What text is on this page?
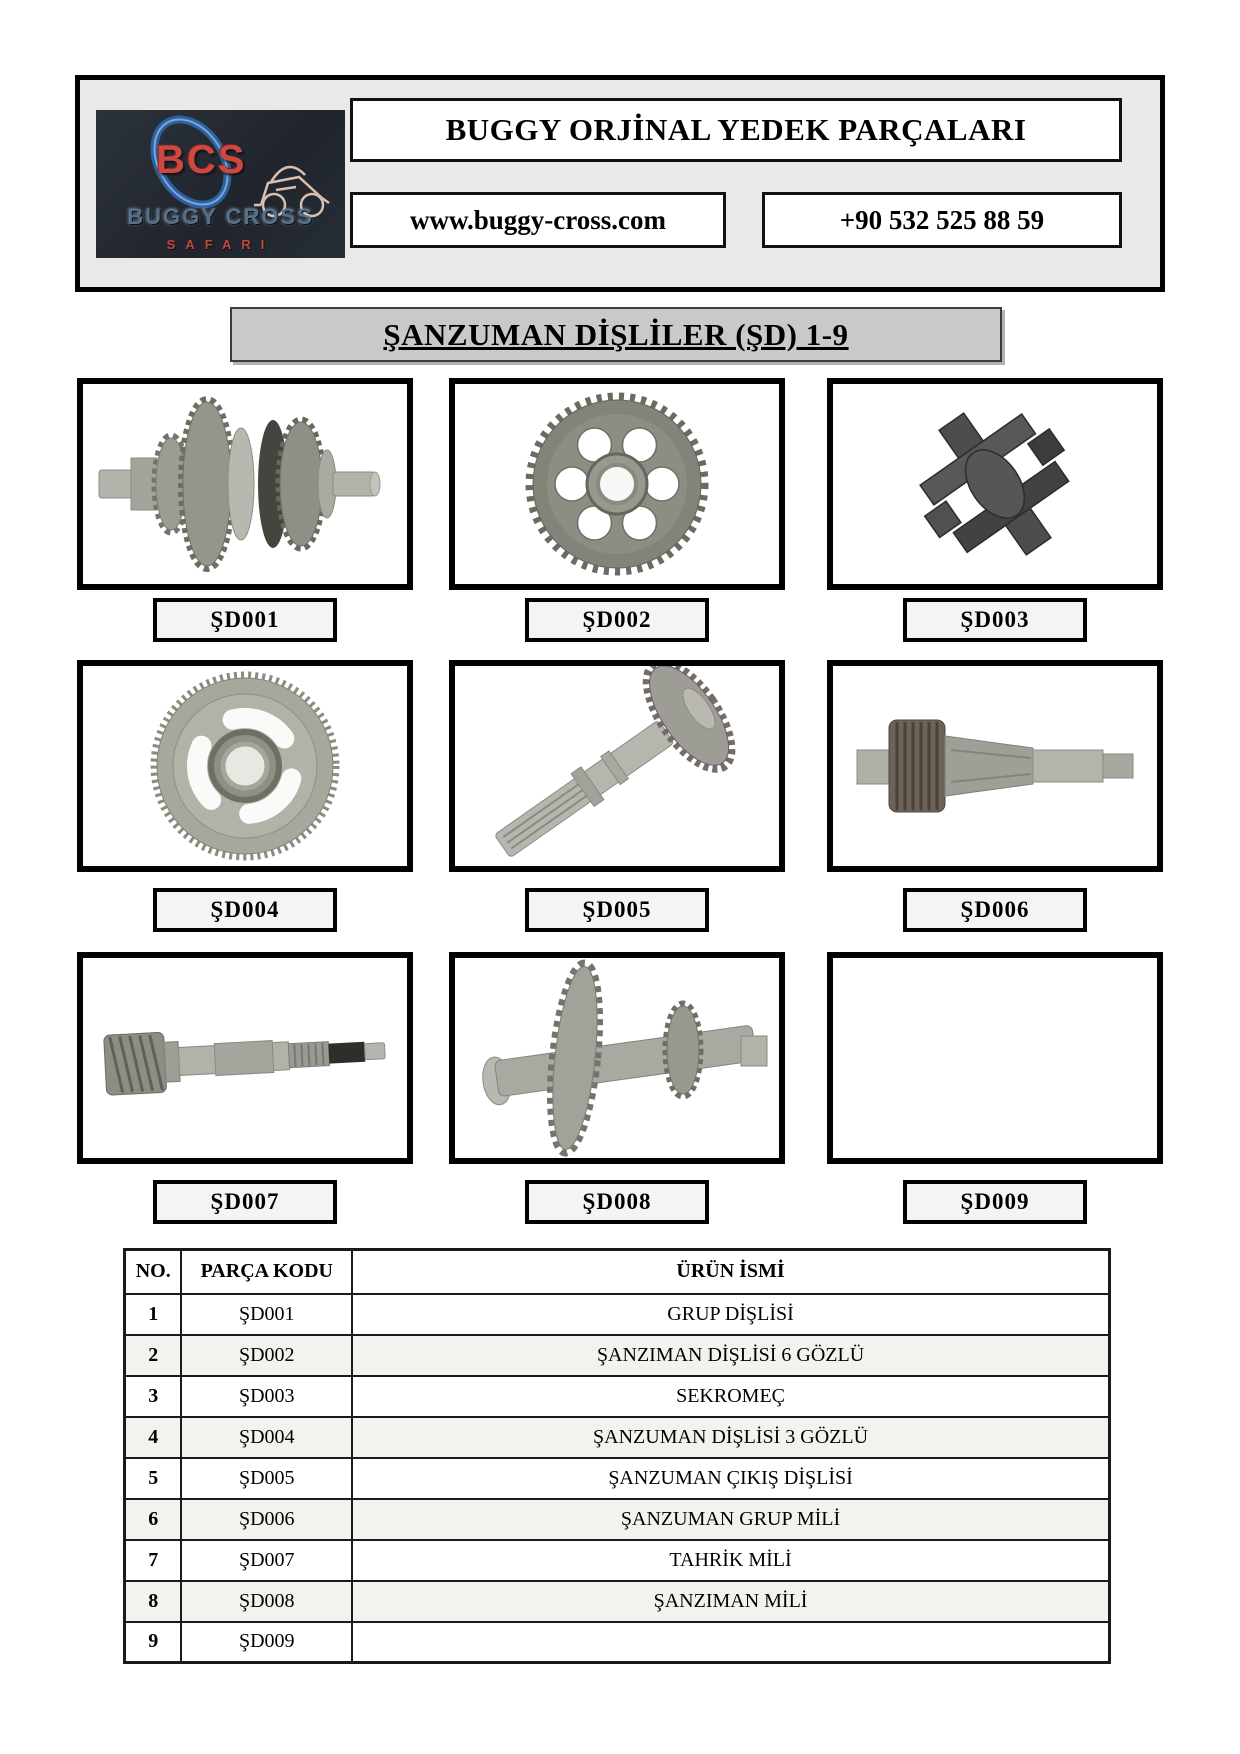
BCS
BUGGY CROSS
SAFARI
BUGGY ORJİNAL YEDEK PARÇALARI
www.buggy-cross.com	+90 532 525 88 59
ŞANZUMAN DİŞLİLER (ŞD) 1-9
ŞD001	ŞD002	ŞD003
ŞD004	ŞD005	ŞD006
ŞD007	ŞD008	ŞD009
NO.	PARÇA KODU	ÜRÜN İSMİ
1	ŞD001	GRUP DİŞLİSİ
2	ŞD002	ŞANZIMAN DİŞLİSİ 6 GÖZLÜ
3	ŞD003	SEKROMEÇ
4	ŞD004	ŞANZUMAN DİŞLİSİ 3 GÖZLÜ
5	ŞD005	ŞANZUMAN ÇIKIŞ DİŞLİSİ
6	ŞD006	ŞANZUMAN GRUP MİLİ
7	ŞD007	TAHRİK MİLİ
8	ŞD008	ŞANZIMAN MİLİ
9	ŞD009	
